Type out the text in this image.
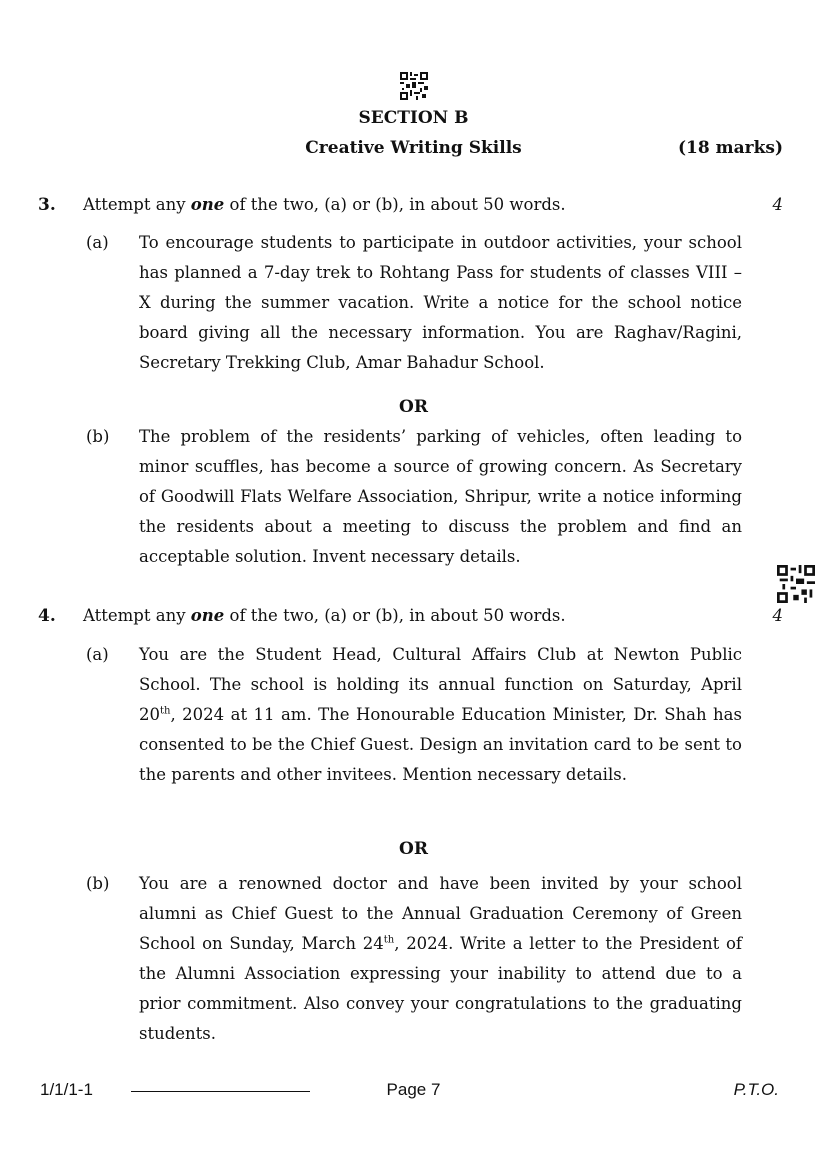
SECTION B
Creative Writing Skills	(18 marks)
3. Attempt any one of the two, (a) or (b), in about 50 words.	4
(a) To encourage students to participate in outdoor activities, your school has planned a 7-day trek to Rohtang Pass for students of classes VIII – X during the summer vacation. Write a notice for the school notice board giving all the necessary information. You are Raghav/Ragini, Secretary Trekking Club, Amar Bahadur School.
OR
(b) The problem of the residents’ parking of vehicles, often leading to minor scuffles, has become a source of growing concern. As Secretary of Goodwill Flats Welfare Association, Shripur, write a notice informing the residents about a meeting to discuss the problem and find an acceptable solution. Invent necessary details.
4. Attempt any one of the two, (a) or (b), in about 50 words.	4
(a) You are the Student Head, Cultural Affairs Club at Newton Public School. The school is holding its annual function on Saturday, April 20th, 2024 at 11 am. The Honourable Education Minister, Dr. Shah has consented to be the Chief Guest. Design an invitation card to be sent to the parents and other invitees. Mention necessary details.
OR
(b) You are a renowned doctor and have been invited by your school alumni as Chief Guest to the Annual Graduation Ceremony of Green School on Sunday, March 24th, 2024. Write a letter to the President of the Alumni Association expressing your inability to attend due to a prior commitment. Also convey your congratulations to the graduating students.
1/1/1-1	Page 7	P.T.O.
